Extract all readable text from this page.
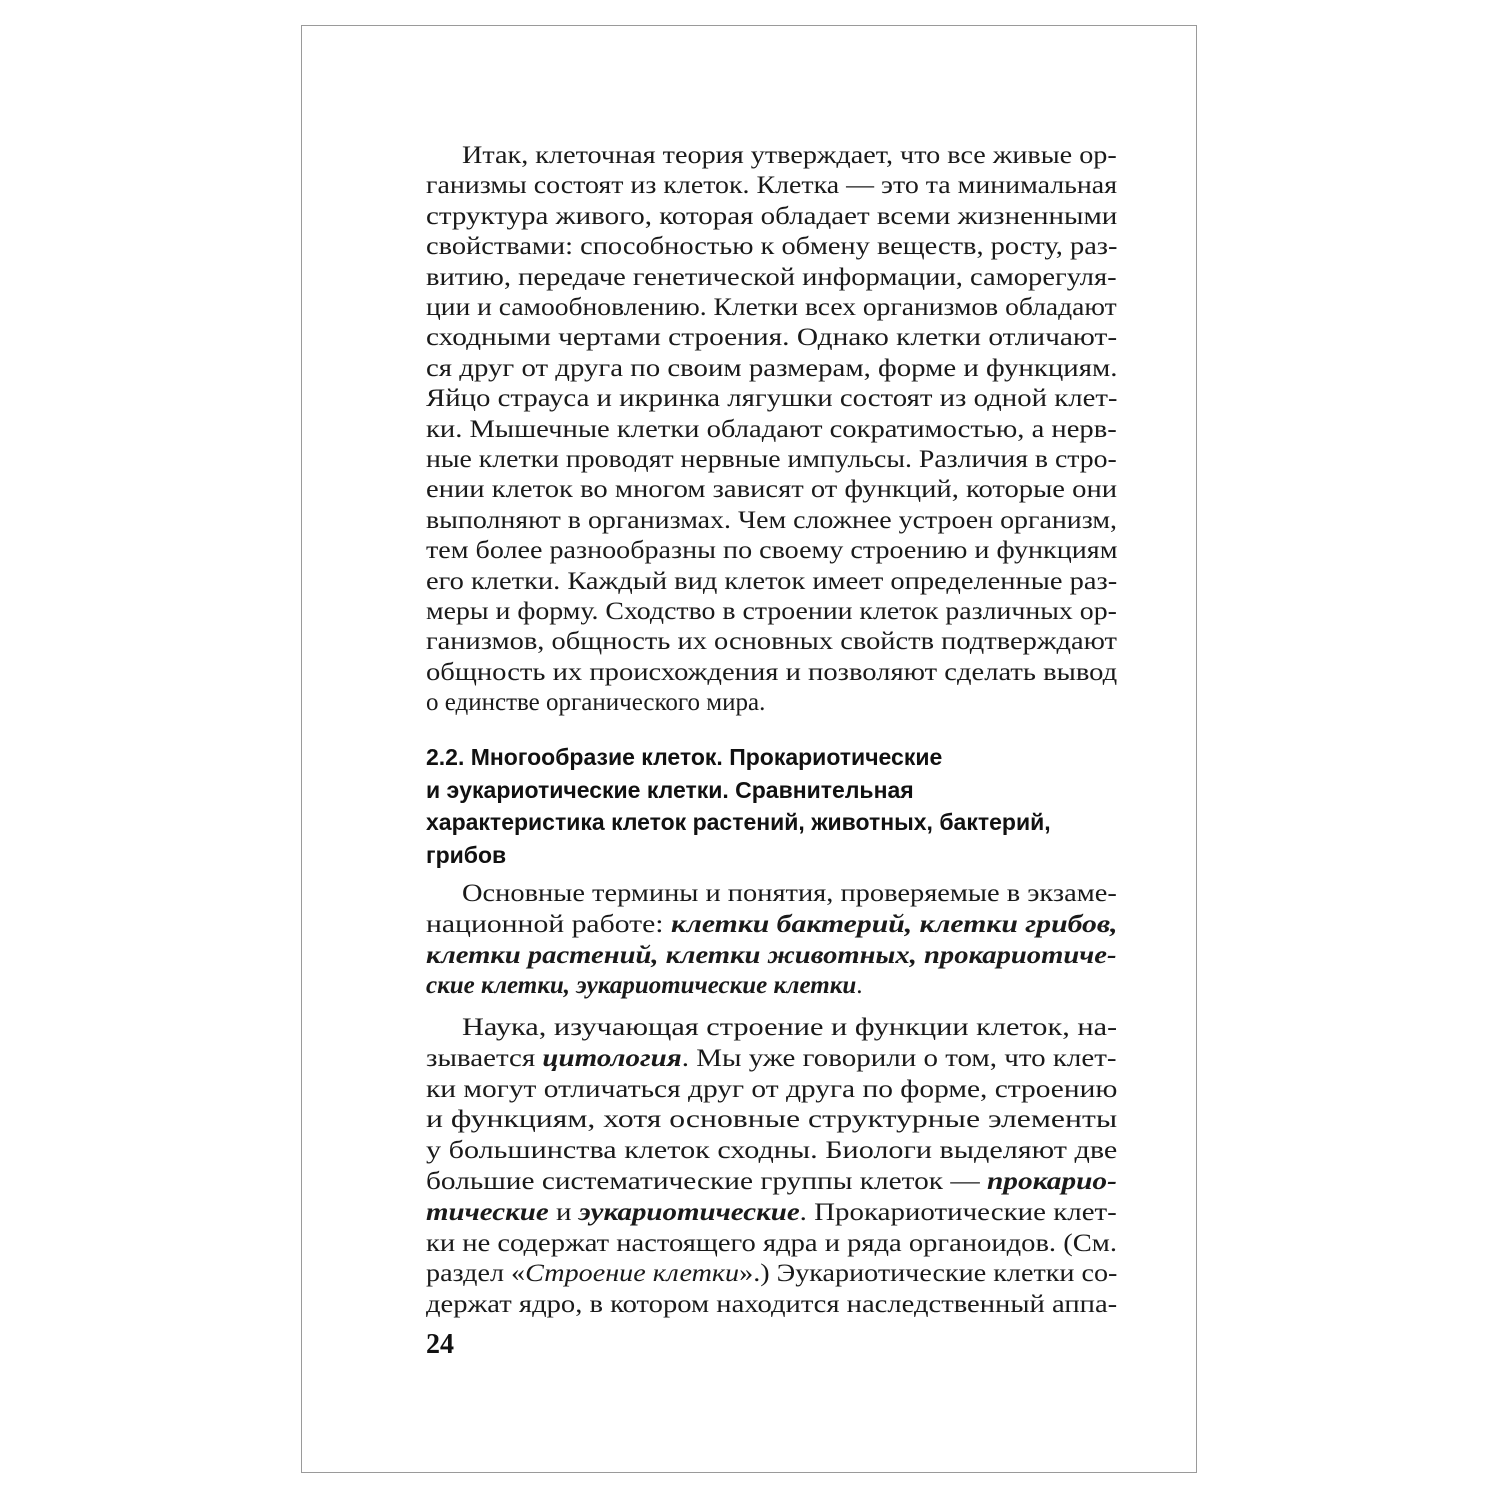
Итак, клеточная теория утверждает, что все живые ор-
ганизмы состоят из клеток. Клетка — это та минимальная
структура живого, которая обладает всеми жизненными
свойствами: способностью к обмену веществ, росту, раз-
витию, передаче генетической информации, саморегуля-
ции и самообновлению. Клетки всех организмов обладают
сходными чертами строения. Однако клетки отличают-
ся друг от друга по своим размерам, форме и функциям.
Яйцо страуса и икринка лягушки состоят из одной клет-
ки. Мышечные клетки обладают сократимостью, а нерв-
ные клетки проводят нервные импульсы. Различия в стро-
ении клеток во многом зависят от функций, которые они
выполняют в организмах. Чем сложнее устроен организм,
тем более разнообразны по своему строению и функциям
его клетки. Каждый вид клеток имеет определенные раз-
меры и форму. Сходство в строении клеток различных ор-
ганизмов, общность их основных свойств подтверждают
общность их происхождения и позволяют сделать вывод
о единстве органического мира.
2.2. Многообразие клеток. Прокариотические
и эукариотические клетки. Сравнительная
характеристика клеток растений, животных, бактерий,
грибов
Основные термины и понятия, проверяемые в экзаме-
национной работе: клетки бактерий, клетки грибов,
клетки растений, клетки животных, прокариотиче-
ские клетки, эукариотические клетки.
Наука, изучающая строение и функции клеток, на-
зывается цитология. Мы уже говорили о том, что клет-
ки могут отличаться друг от друга по форме, строению
и функциям, хотя основные структурные элементы
у большинства клеток сходны. Биологи выделяют две
большие систематические группы клеток — прокарио-
тические и эукариотические. Прокариотические клет-
ки не содержат настоящего ядра и ряда органоидов. (См.
раздел «Строение клетки».) Эукариотические клетки со-
держат ядро, в котором находится наследственный аппа-
24
